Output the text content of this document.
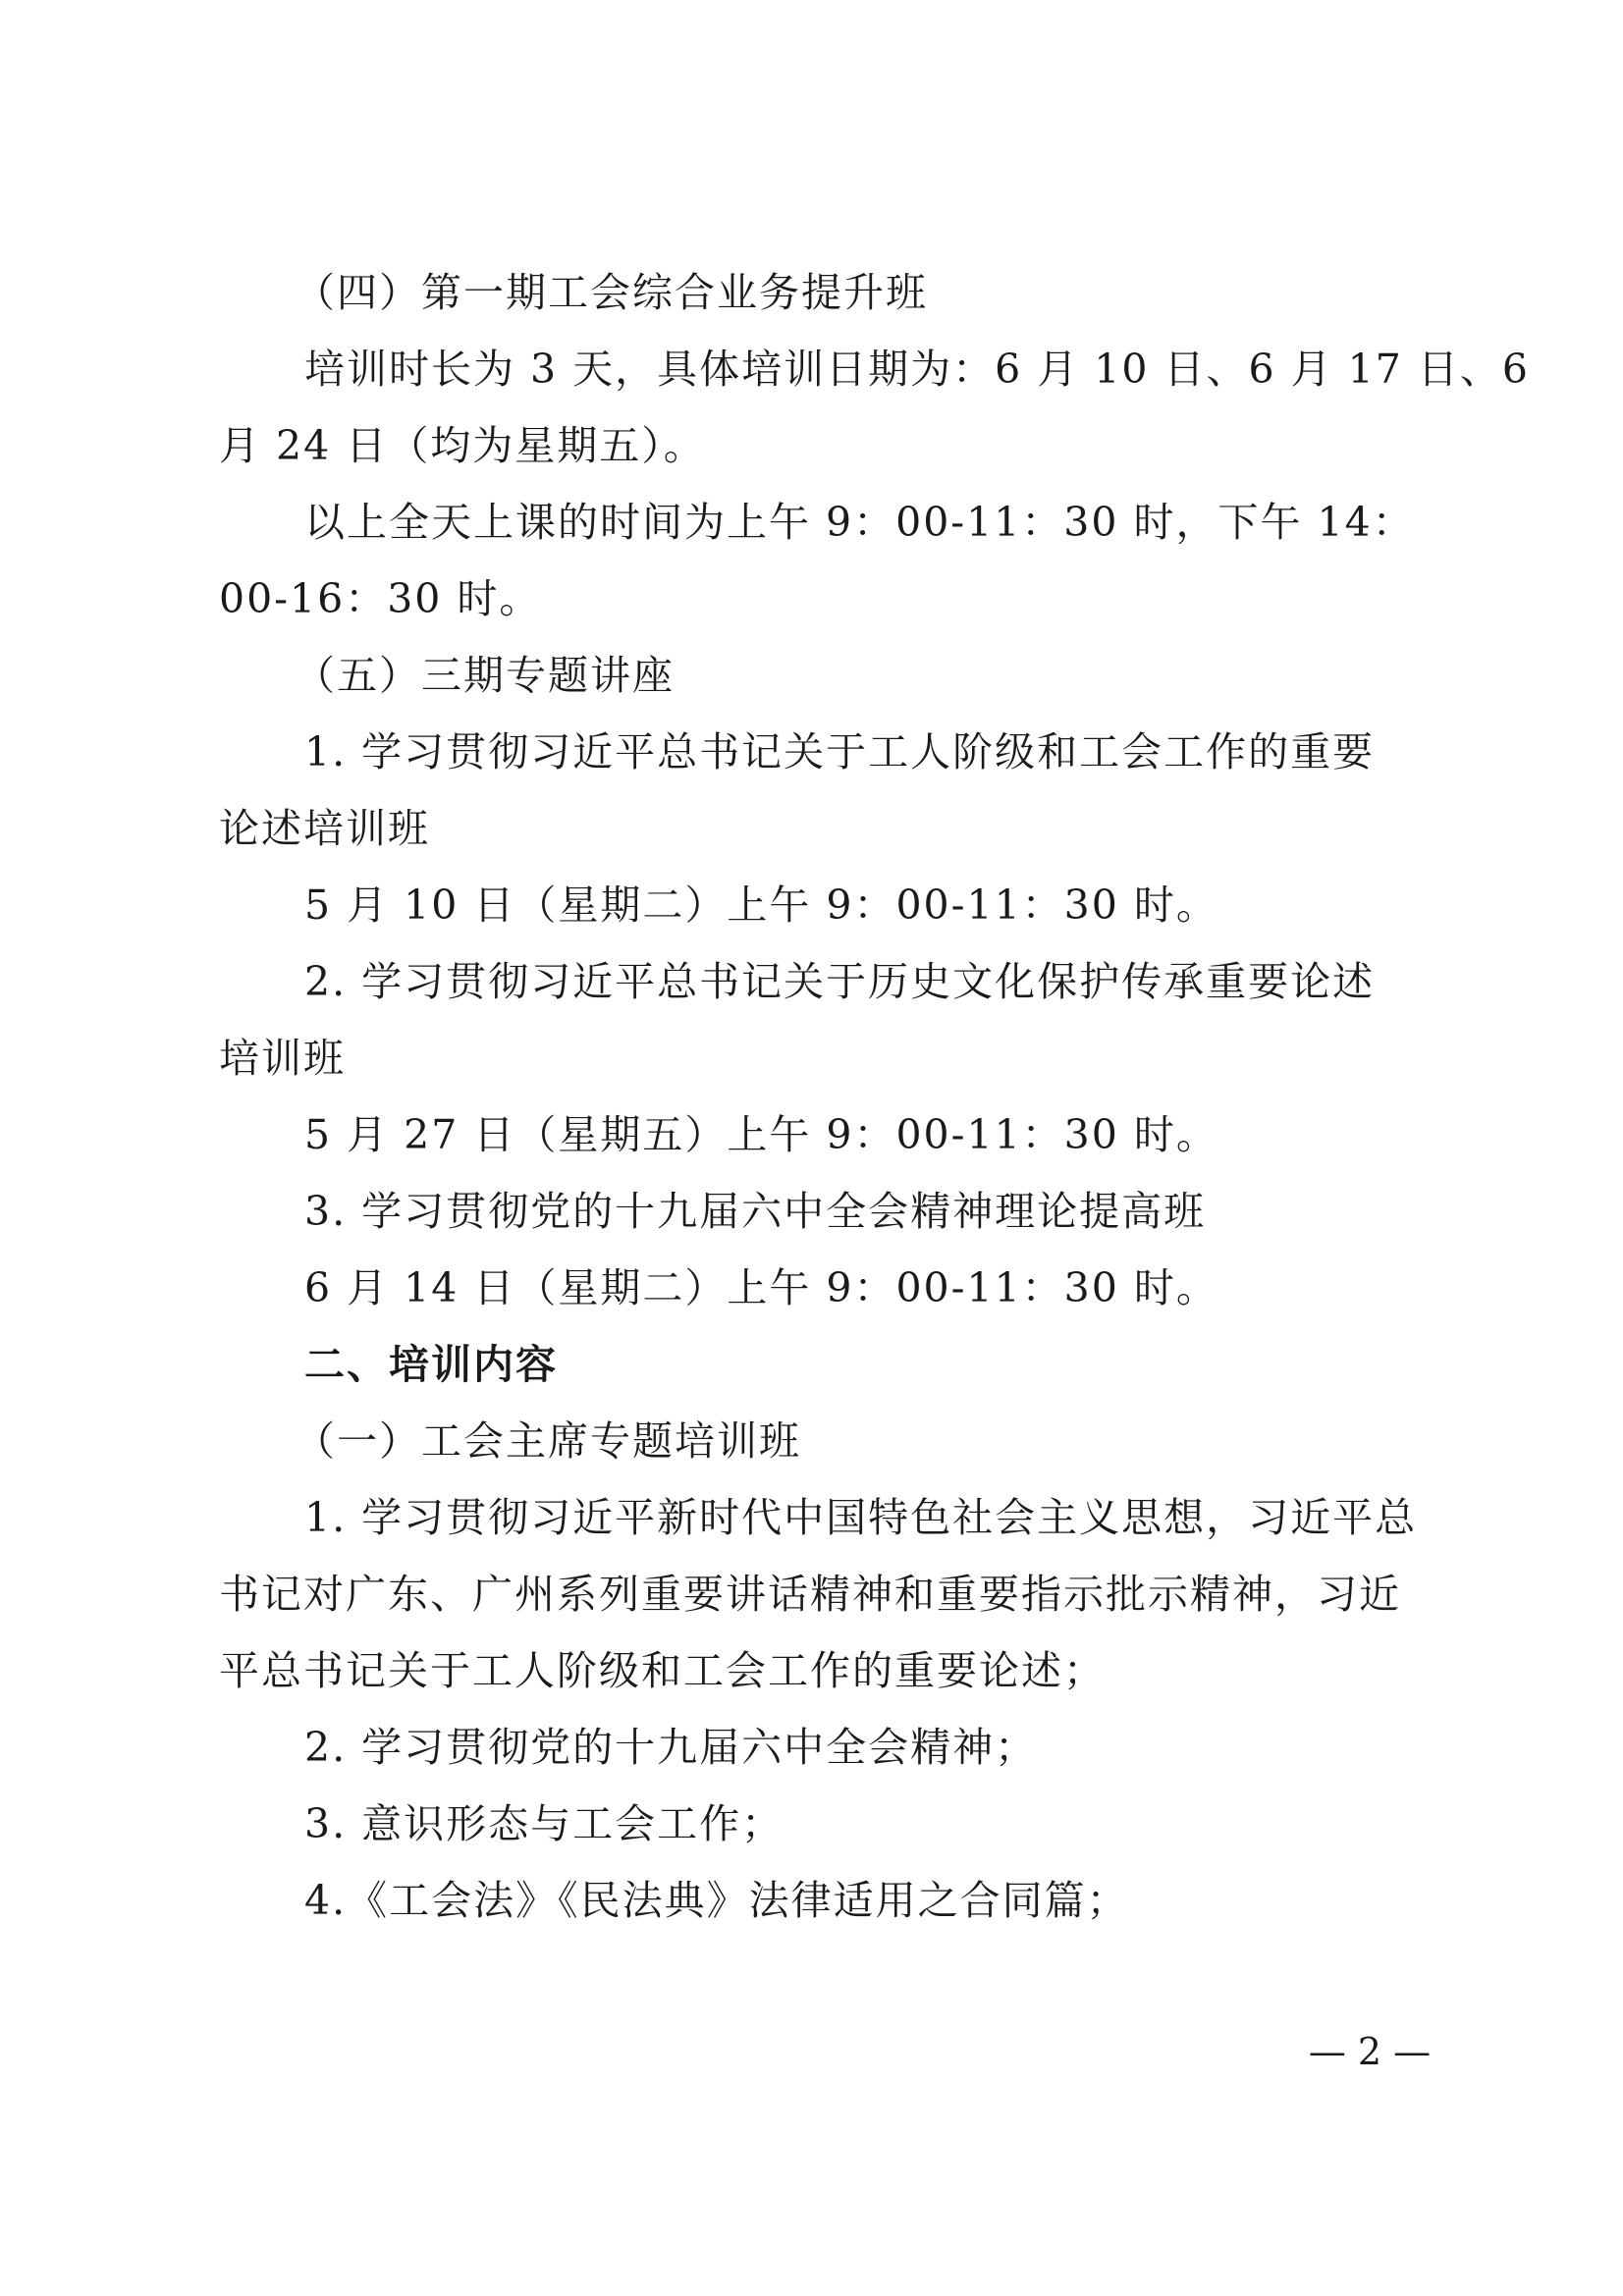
（四）第一期工会综合业务提升班
培训时长为 3 天，具体培训日期为：6 月 10 日、6 月 17 日、6
月 24 日（均为星期五）。
以上全天上课的时间为上午 9：00-11：30 时，下午 14：
00-16：30 时。
（五）三期专题讲座
1. 学习贯彻习近平总书记关于工人阶级和工会工作的重要
论述培训班
5 月 10 日（星期二）上午 9：00-11：30 时。
2. 学习贯彻习近平总书记关于历史文化保护传承重要论述
培训班
5 月 27 日（星期五）上午 9：00-11：30 时。
3. 学习贯彻党的十九届六中全会精神理论提高班
6 月 14 日（星期二）上午 9：00-11：30 时。
二、培训内容
（一）工会主席专题培训班
1. 学习贯彻习近平新时代中国特色社会主义思想，习近平总
书记对广东、广州系列重要讲话精神和重要指示批示精神，习近
平总书记关于工人阶级和工会工作的重要论述；
2. 学习贯彻党的十九届六中全会精神；
3. 意识形态与工会工作；
4.《工会法》《民法典》法律适用之合同篇；
— 2 —
